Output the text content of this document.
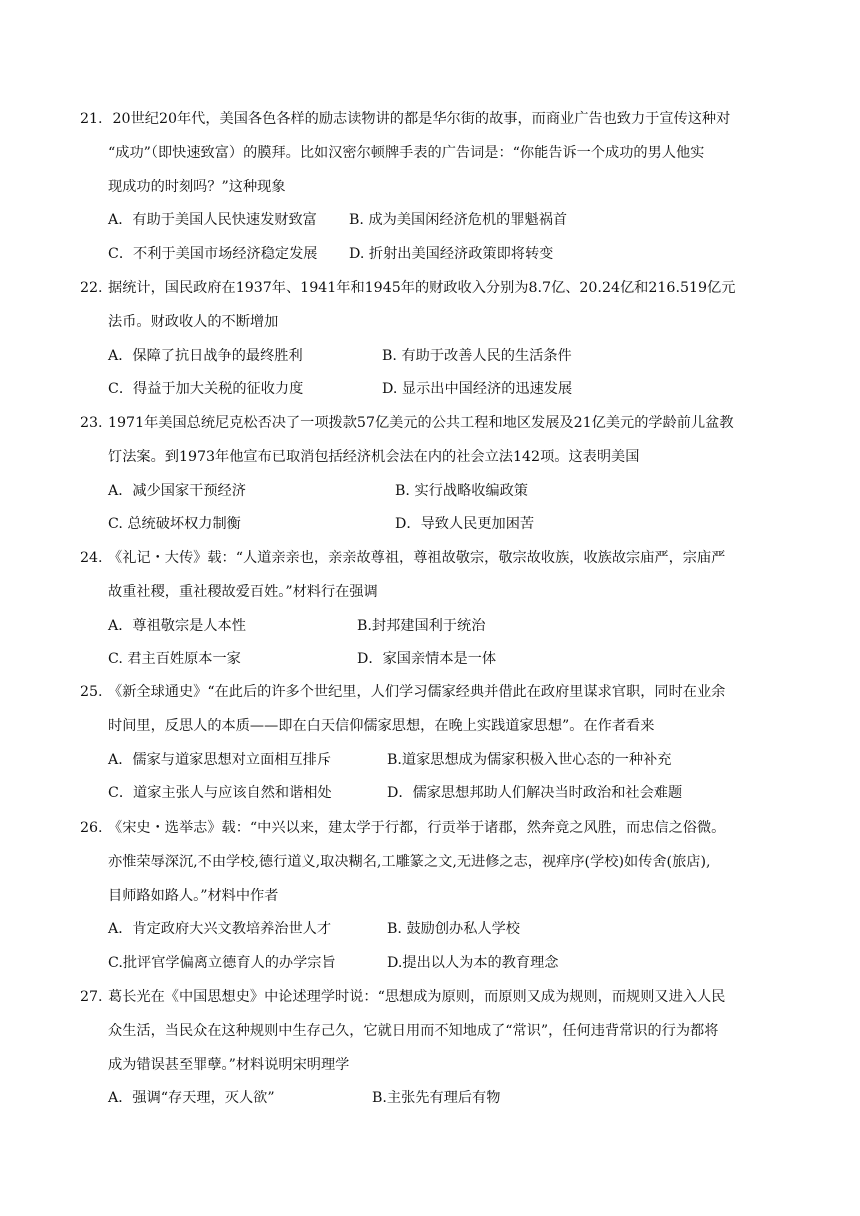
21. 20世纪20年代，美国各色各样的励志读物讲的都是华尔街的故事，而商业广告也致力于宣传这种对
“成功”（即快速致富）的膜拜。比如汉密尔顿牌手表的广告词是：“你能告诉一个成功的男人他实
现成功的时刻吗？”这种现象
A．有助于美国人民快速发财致富 B. 成为美国闲经济危机的罪魁祸首
C．不利于美国市场经济稳定发展 D. 折射出美国经济政策即将转变
22. 据统计，国民政府在1937年、1941年和1945年的财政收入分别为8.7亿、20.24亿和216.519亿元
法币。财政收人的不断增加
A．保障了抗日战争的最终胜利	B. 有助于改善人民的生活条件
C．得益于加大关税的征收力度	D. 显示出中国经济的迅速发展
23. 1971年美国总统尼克松否决了一项拨款57亿美元的公共工程和地区发展及21亿美元的学龄前儿盆教
饤法案。到1973年他宣布已取消包括经济机会法在内的社会立法142项。这表明美国
A．减少国家干预经济	B. 实行战略收编政策
C. 总统破坏权力制衡	D．导致人民更加困苦
24. 《礼记・大传》载：“人道亲亲也，亲亲故尊祖，尊祖故敬宗，敬宗故收族，收族故宗庙严，宗庙严
故重社稷，重社稷故爱百姓。”材料行在强调
A．尊祖敬宗是人本性	B.封邦建国利于统治
C. 君主百姓原本一家	D．家国亲情本是一体
25. 《新全球通史》“在此后的许多个世纪里，人们学习儒家经典并借此在政府里谋求官职，同时在业余
时间里，反思人的本质——即在白天信仰儒家思想，在晚上实践道家思想”。在作者看来
A．儒家与道家思想对立面相互排斥	B.道家思想成为儒家积极入世心态的一种补充
C．道家主张人与应该自然和谐相处	D．儒家思想邦助人们解决当时政治和社会难题
26. 《宋史・选举志》载：“中兴以来，建太学于行都，行贡举于诸郡，然奔竟之风胜，而忠信之俗微。
亦惟荣辱深沉,不由学校,德行道义,取决糊名,工雕篆之文,无进修之志，视痒序(学校)如传舍(旅店),
目师路如路人。”材料中作者
A．肯定政府大兴文教培养治世人才	B. 鼓励创办私人学校
C.批评官学偏离立德育人的办学宗旨	D.提出以人为本的教育理念
27. 葛长光在《中国思想史》中论述理学时说：“思想成为原则，而原则又成为规则，而规则又进入人民
众生活，当民众在这种规则中生存己久，它就日用而不知地成了“常识”，任何违背常识的行为都将
成为错误甚至罪孽。”材料说明宋明理学
A．强调“存天理，灭人欲”	B.主张先有理后有物
